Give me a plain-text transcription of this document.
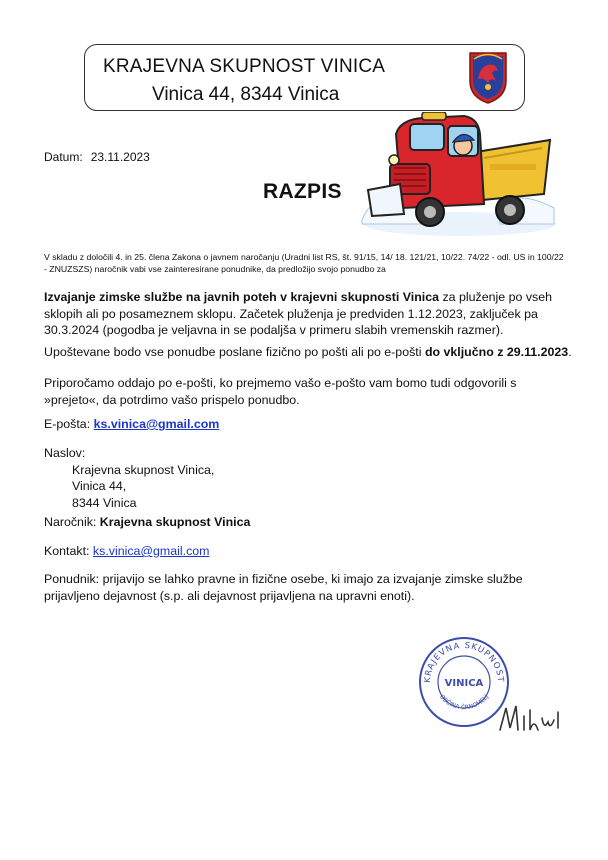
KRAJEVNA SKUPNOST VINICA
Vinica 44, 8344 Vinica
Datum: 23.11.2023
RAZPIS
V skladu z določili 4. in 25. člena Zakona o javnem naročanju (Uradni list RS, št. 91/15, 14/ 18. 121/21, 10/22. 74/22 - odl. US in 100/22 - ZNUZSZS) naročnik vabi vse zainteresirane ponudnike, da predložijo svojo ponudbo za
Izvajanje zimske službe na javnih poteh v krajevni skupnosti Vinica za pluženje po vseh sklopih ali po posameznem sklopu. Začetek pluženja je predviden 1.12.2023, zaključek pa 30.3.2024 (pogodba je veljavna in se podaljša v primeru slabih vremenskih razmer).
Upoštevane bodo vse ponudbe poslane fizično po pošti ali po e-pošti do vključno z 29.11.2023.
Priporočamo oddajo po e-pošti, ko prejmemo vašo e-pošto vam bomo tudi odgovorili s »prejeto«, da potrdimo vašo prispelo ponudbo.
E-pošta: ks.vinica@gmail.com
Naslov:
Krajevna skupnost Vinica,
Vinica 44,
8344 Vinica
Naročnik: Krajevna skupnost Vinica
Kontakt: ks.vinica@gmail.com
Ponudnik: prijavijo se lahko pravne in fizične osebe, ki imajo za izvajanje zimske službe prijavljeno dejavnost (s.p. ali dejavnost prijavljena na upravni enoti).
KRAJEVNA SKUPNOST
VINICA
OBČINA ČRNOMELJ
